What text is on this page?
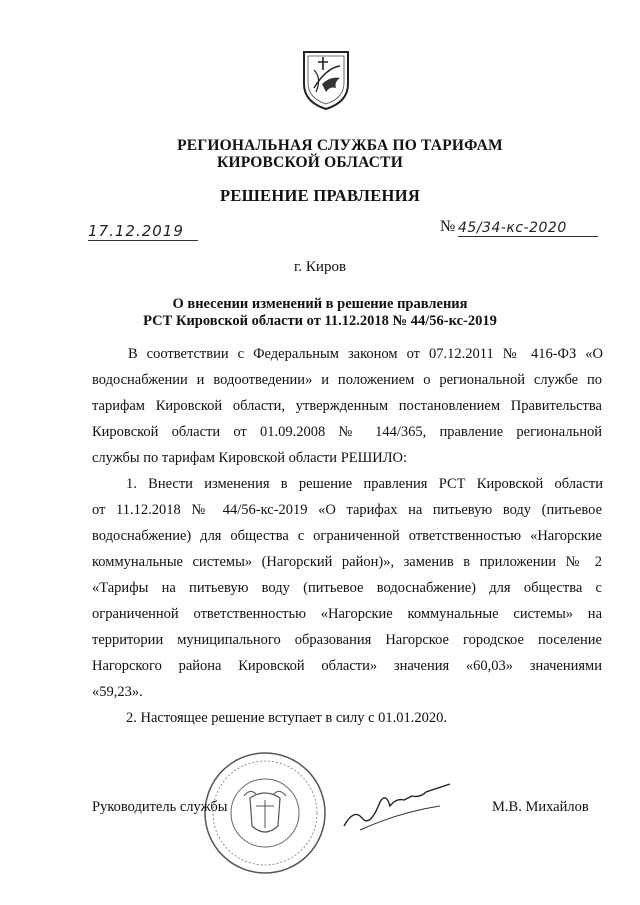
РЕГИОНАЛЬНАЯ СЛУЖБА ПО ТАРИФАМ
КИРОВСКОЙ ОБЛАСТИ
РЕШЕНИЕ ПРАВЛЕНИЯ
17.12.2019	№ 45/34-кс-2020
г. Киров
О внесении изменений в решение правления
РСТ Кировской области от 11.12.2018 № 44/56-кс-2019
В соответствии с Федеральным законом от 07.12.2011 № 416-ФЗ «О
водоснабжении и водоотведении» и положением о региональной службе по
тарифам Кировской области, утвержденным постановлением Правительства
Кировской области от 01.09.2008 № 144/365, правление региональной
службы по тарифам Кировской области РЕШИЛО:
1. Внести изменения в решение правления РСТ Кировской области
от 11.12.2018 № 44/56-кс-2019 «О тарифах на питьевую воду (питьевое
водоснабжение) для общества с ограниченной ответственностью «Нагорские
коммунальные системы» (Нагорский район)», заменив в приложении № 2
«Тарифы на питьевую воду (питьевое водоснабжение) для общества с
ограниченной ответственностью «Нагорские коммунальные системы» на
территории муниципального образования Нагорское городское поселение
Нагорского района Кировской области» значения «60,03» значениями
«59,23».
2. Настоящее решение вступает в силу с 01.01.2020.
Руководитель службы	М.В. Михайлов
